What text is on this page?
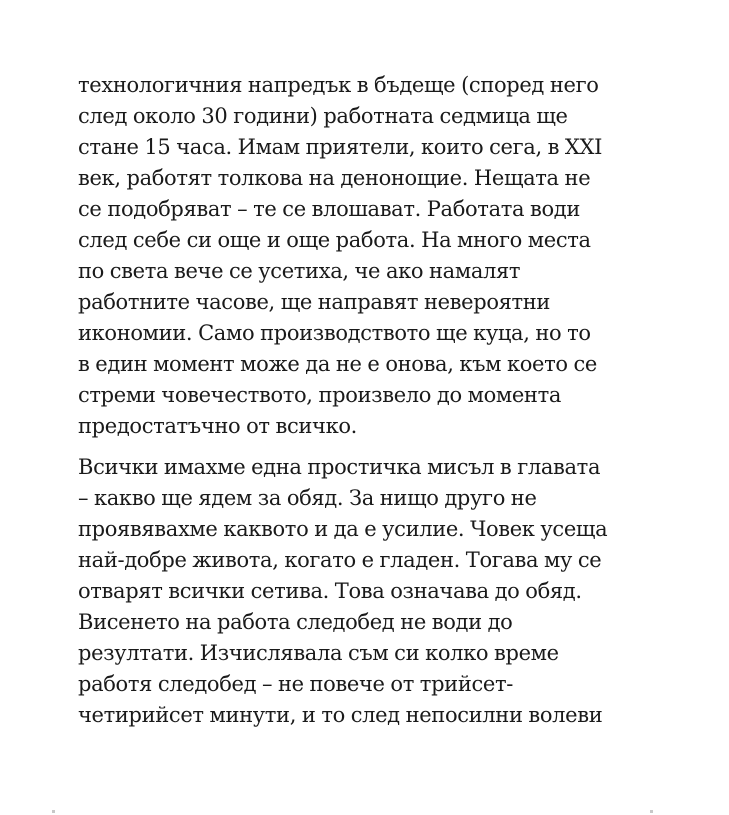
технологичния напредък в бъдеще (според него
след около 30 години) работната седмица ще
стане 15 часа. Имам приятели, които сега, в XXI
век, работят толкова на денонощие. Нещата не
се подобряват – те се влошават. Работата води
след себе си още и още работа. На много места
по света вече се усетиха, че ако намалят
работните часове, ще направят невероятни
икономии. Само производството ще куца, но то
в един момент може да не е онова, към което се
стреми човечеството, произвело до момента
предостатъчно от всичко.

Всички имахме една простичка мисъл в главата
– какво ще ядем за обяд. За нищо друго не
проявявахме каквото и да е усилие. Човек усеща
най-добре живота, когато е гладен. Тогава му се
отварят всички сетива. Това означава до обяд.
Висенето на работа следобед не води до
резултати. Изчислявала съм си колко време
работя следобед – не повече от трийсет-
четирийсет минути, и то след непосилни волеви
